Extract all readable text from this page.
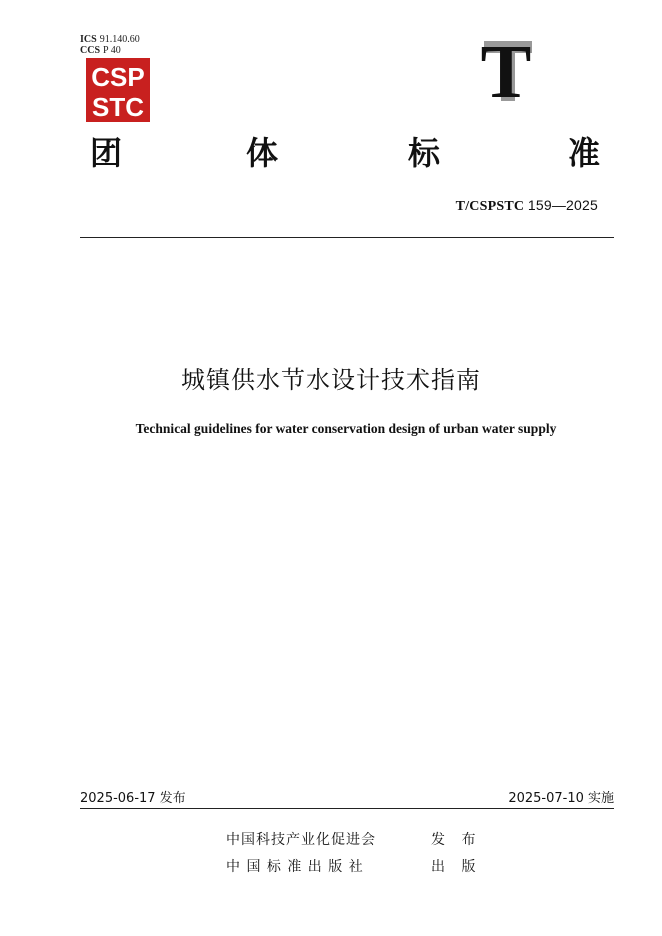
ICS 91.140.60
CCS P 40
CSP
STC	T
团	体	标	准
T/CSPSTC 159—2025
城镇供水节水设计技术指南
Technical guidelines for water conservation design of urban water supply
2025-06-17 发布	2025-07-10 实施
中国科技产业化促进会	发 布
中 国 标 准 出 版 社	出 版
